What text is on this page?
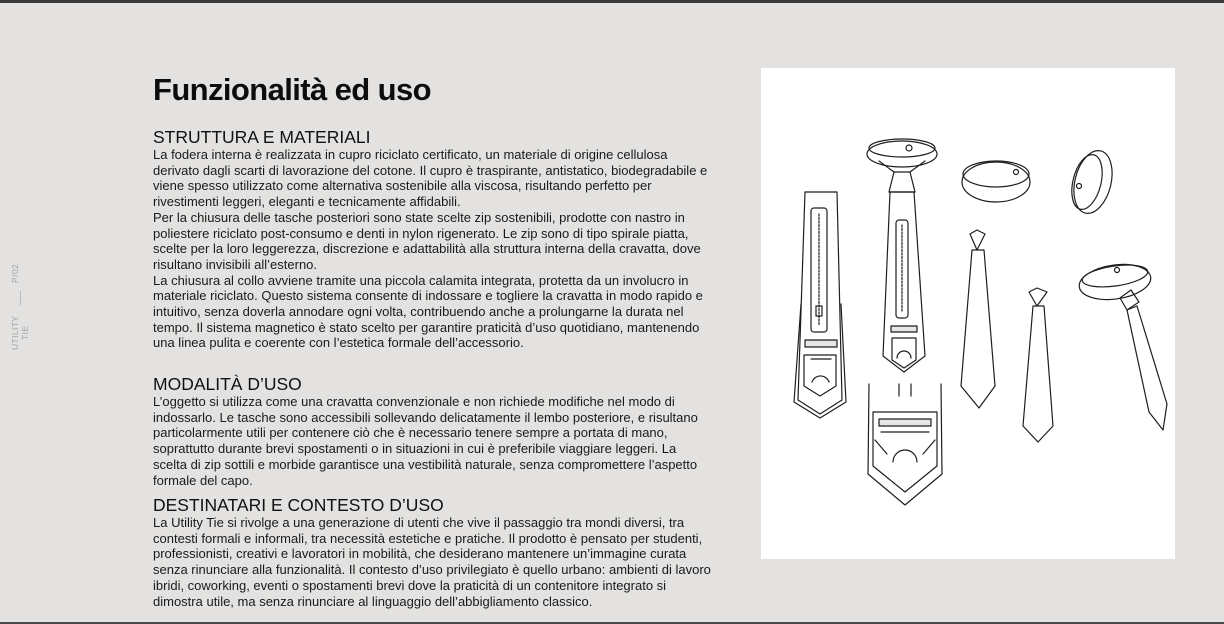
P/02
UTILITY TIE
Funzionalità ed uso
STRUTTURA E MATERIALI

La fodera interna è realizzata in cupro riciclato certificato, un materiale di origine cellulosa derivato dagli scarti di lavorazione del cotone. Il cupro è traspirante, antistatico, biodegradabile e viene spesso utilizzato come alternativa sostenibile alla viscosa, risultando perfetto per rivestimenti leggeri, eleganti e tecnicamente affidabili.

Per la chiusura delle tasche posteriori sono state scelte zip sostenibili, prodotte con nastro in poliestere riciclato post-consumo e denti in nylon rigenerato. Le zip sono di tipo spirale piatta, scelte per la loro leggerezza, discrezione e adattabilità alla struttura interna della cravatta, dove risultano invisibili all’esterno.

La chiusura al collo avviene tramite una piccola calamita integrata, protetta da un involucro in materiale riciclato. Questo sistema consente di indossare e togliere la cravatta in modo rapido e intuitivo, senza doverla annodare ogni volta, contribuendo anche a prolungarne la durata nel tempo. Il sistema magnetico è stato scelto per garantire praticità d’uso quotidiano, mantenendo una linea pulita e coerente con l’estetica formale dell’accessorio.

MODALITÀ D’USO

L’oggetto si utilizza come una cravatta convenzionale e non richiede modifiche nel modo di indossarlo. Le tasche sono accessibili sollevando delicatamente il lembo posteriore, e risultano particolarmente utili per contenere ciò che è necessario tenere sempre a portata di mano, soprattutto durante brevi spostamenti o in situazioni in cui è preferibile viaggiare leggeri. La scelta di zip sottili e morbide garantisce una vestibilità naturale, senza compromettere l’aspetto formale del capo.

DESTINATARI E CONTESTO D’USO

La Utility Tie si rivolge a una generazione di utenti che vive il passaggio tra mondi diversi, tra contesti formali e informali, tra necessità estetiche e pratiche. Il prodotto è pensato per studenti, professionisti, creativi e lavoratori in mobilità, che desiderano mantenere un’immagine curata senza rinunciare alla funzionalità. Il contesto d’uso privilegiato è quello urbano: ambienti di lavoro ibridi, coworking, eventi o spostamenti brevi dove la praticità di un contenitore integrato si dimostra utile, ma senza rinunciare al linguaggio dell’abbigliamento classico.
